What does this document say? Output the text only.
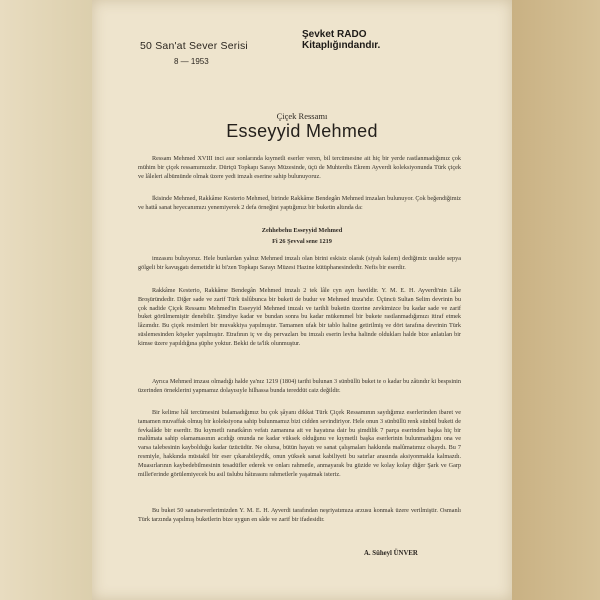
50 San'at Sever Serisi
8 — 1953
Şevket RADO
Kitaplığındandır.
Çiçek Ressamı
Esseyyid Mehmed

Ressam Mehmed XVIII inci asır sonlarında kıymetli eserler veren, bil tercümesine ait hiç bir yerde rastlanmadığımız çok mühim bir çiçek ressamımızdır. Dürtçü Topkapı Sarayı Müzesinde, üçü de Muhterdis Ekrem Ayverdi koleksiyonunda Türk çiçek ve lâleleri albümünde olmak üzere yedi imzalı eserine sahip bulunuyoruz.

İkisinde Mehmed, Rakkâme Kesterio Mehmed, birinde Rakkâme Bendegân Mehmed imzaları bulunuyor. Çok beğendiğimiz ve hattâ sanat heyecanımızı yenemiyerek 2 defa örneğini yaptığımız bir buketin altında da:

Zehhebehu Esseyyid Mehmed
Fi 26 Şevval sene 1219

imzasını buluyoruz. Hele bunlardan yalnız Mehmed imzalı olan birini eskisiz olarak (siyah kalem) dediğimiz usulde sepya gölgeli bir kavuşgatı demetidir ki bi'zen Topkapı Sarayı Müzesi Hazine kütüphanesindedir. Nefis bir eserdir.

Rakkâme Kesterio, Rakkâme Bendegân Mehmed imzalı 2 tek lâle cyn ayrı bavildir. Y. M. E. H. Ayverdi'nin Lâle Broşüründedir. Diğer sade ve zarif Türk üslûbunca bir buketi de budur ve Mehmed imza'ıdır. Üçüncü Sultan Selim devrinin bu çok nadide Çiçek Ressamı Mehmed'in Esseyyid Mehmed imzalı ve tarihli buketin üzerine zevkimizce bu kadar sade ve zarif buket görülmemiştir denebilir. Şimdiye kadar ve bundan sonra bu kadar mükemmel bir bukete rastlanmadığımızı itiraf etmek lâzımdır. Bu çiçek resimleri bir muvakkiya yapılmıştır. Tamamen ufak bir tablo haline getirilmiş ve dört tarafına devrinin Türk süslemesinden köşeler yapılmıştır. Etrafının iç ve dış pervazları bu imzalı eserin levha halinde oldukları halde bize anlatılan bir kimse üzere yapıldığına şüphe yoktur. Bekki de ta'lik olunmuştur.

Ayrıca Mehmed imzası olmadığı halde ya'nız 1219 (1804) tarihi bulunan 3 sünbüllü buket te o kadar bu zâtındır ki bespsinin üzerinden örneklerini yapmamız dolayısıyle hilhassa bunda tereddüt caiz değildir.

Bir kelime hâl tercümesini bulamadığımız bu çok şâyanı dikkat Türk Çiçek Ressamının saydığımız eserlerinden ibaret ve tamamen muvaffak olmuş bir koleksiyona sahip bulunmamız bizi cidden sevindiriyor. Hele onun 3 sünbüllü renk sünbül buketi de fevkalâde bir eserdir. Bu kıymetli ranatkârın vefatı zamanına ait ve hayatına dair bu şimdilik 7 parça eserinden başka hiç bir malûmata sahip olamamasının acıdığı onunda ne kadar vüksek olduğunu ve kıymetli başka eserlerinin bulunmadığını ona ve varsa talebesinin kaybolduğu kadar üzücüdür. Ne olursa, bütün hayatı ve sanat çalışmaları hakkında malûmatımız olsaydı. Bu 7 resmiyle, hakkında müstakil bir eser çıkarabileydik, onun yüksek sanat kabiliyeti bu satırlar arasında aksiyonmakla kalmazdı. Muasırlarının kaybedebilmesinin tesadüfler ederek ve onları rahmetle, anmayarak bu güzide ve kolay kolay diğer Şark ve Garp millet'erinde görülemiyecek bu asil üslubu hâtırasını rahmetlerle yaşatmak isteriz.

Bu buket 50 sanatseverlerimizden Y. M. E. H. Ayverdi tarafından neşriyatımıza arzusu konmak üzere verilmiştir. Osmanlı Türk tarzında yapılmış buketlerin bize uygun en sâde ve zarif bir ifadesidir.

A. Süheyl ÜNVER
